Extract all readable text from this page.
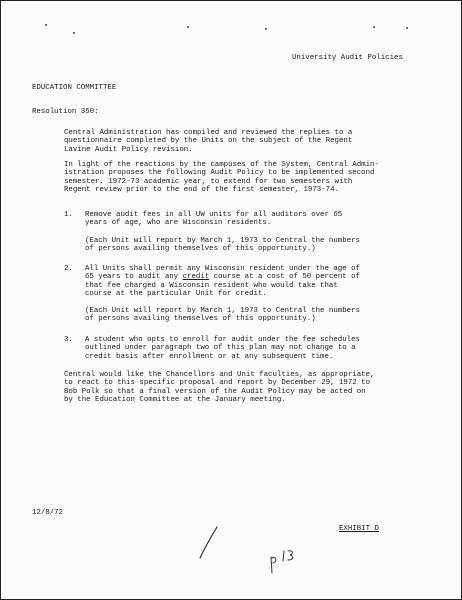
University Audit Policies
EDUCATION COMMITTEE
Resolution 350:
Central Administration has compiled and reviewed the replies to a
questionnaire completed by the Units on the subject of the Regent
Lavine Audit Policy revision.
In light of the reactions by the campuses of the System, Central Admin-
istration proposes the following Audit Policy to be implemented second
semester, 1972-73 academic year, to extend for two semesters with
Regent review prior to the end of the first semester, 1973-74.
1. Remove audit fees in all UW units for all auditors over 65
years of age, who are Wisconsin residents.
(Each Unit will report by March 1, 1973 to Central the numbers
of persons availing themselves of this opportunity.)
2. All Units shall permit any Wisconsin resident under the age of
65 years to audit any credit course at a cost of 50 percent of
that fee charged a Wisconsin resident who would take that
course at the particular Unit for credit.
(Each Unit will report by March 1, 1973 to Central the numbers
of persons availing themselves of this opportunity.)
3. A student who opts to enroll for audit under the fee schedules
outlined under paragraph two of this plan may not change to a
credit basis after enrollment or at any subsequent time.
Central would like the Chancellors and Unit faculties, as appropriate,
to react to this specific proposal and report by December 29, 1972 to
Bob Polk so that a final version of the Audit Policy may be acted on
by the Education Committee at the January meeting.
12/8/72
EXHIBIT D
